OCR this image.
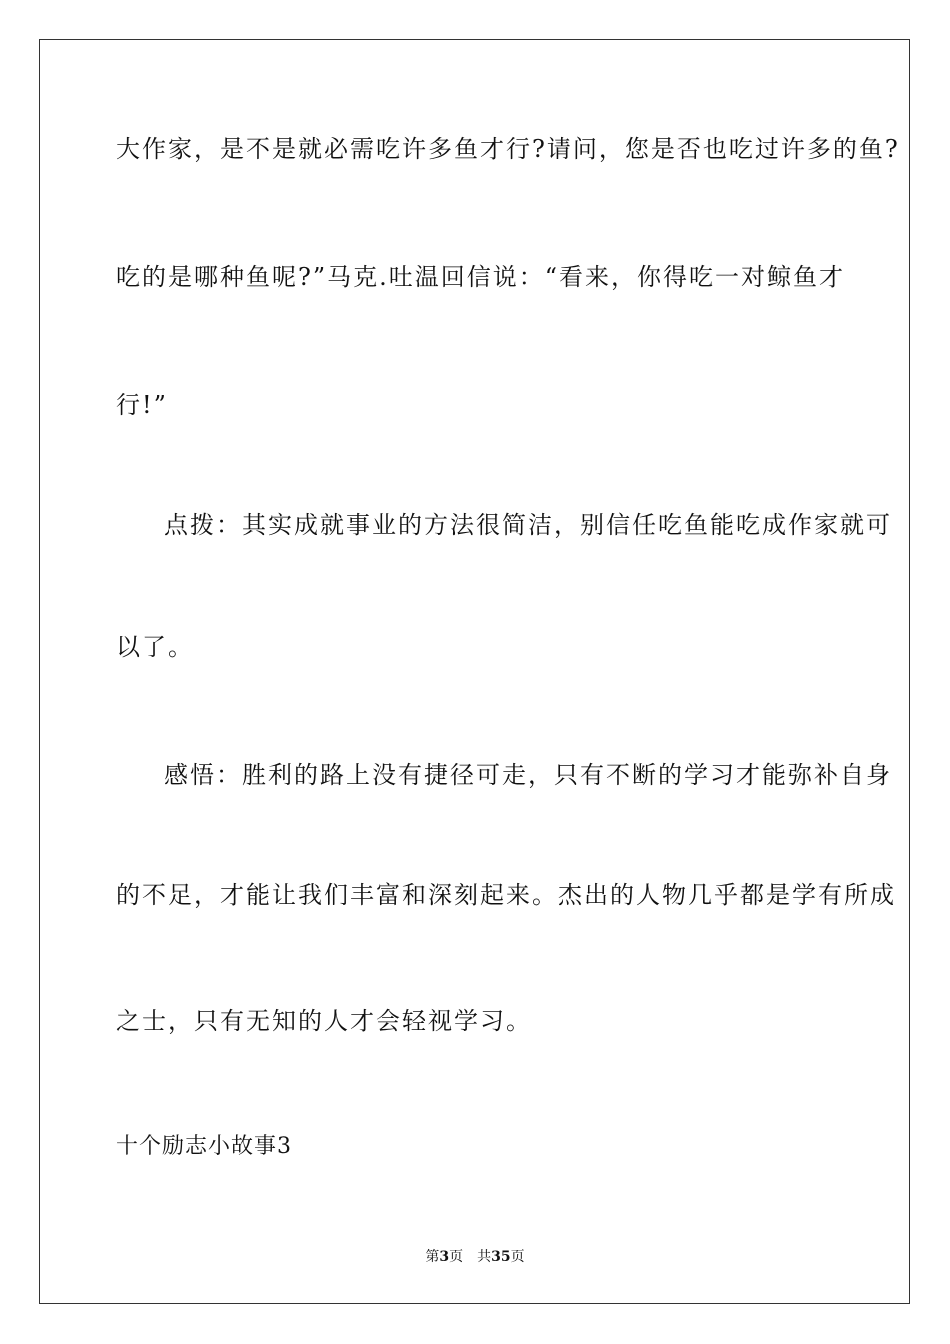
大作家，是不是就必需吃许多鱼才行?请问，您是否也吃过许多的鱼?
吃的是哪种鱼呢?”马克.吐温回信说：“看来，你得吃一对鲸鱼才
行!”
点拨：其实成就事业的方法很简洁，别信任吃鱼能吃成作家就可
以了。
感悟：胜利的路上没有捷径可走，只有不断的学习才能弥补自身
的不足，才能让我们丰富和深刻起来。杰出的人物几乎都是学有所成
之士，只有无知的人才会轻视学习。
十个励志小故事3
第3页 共35页
